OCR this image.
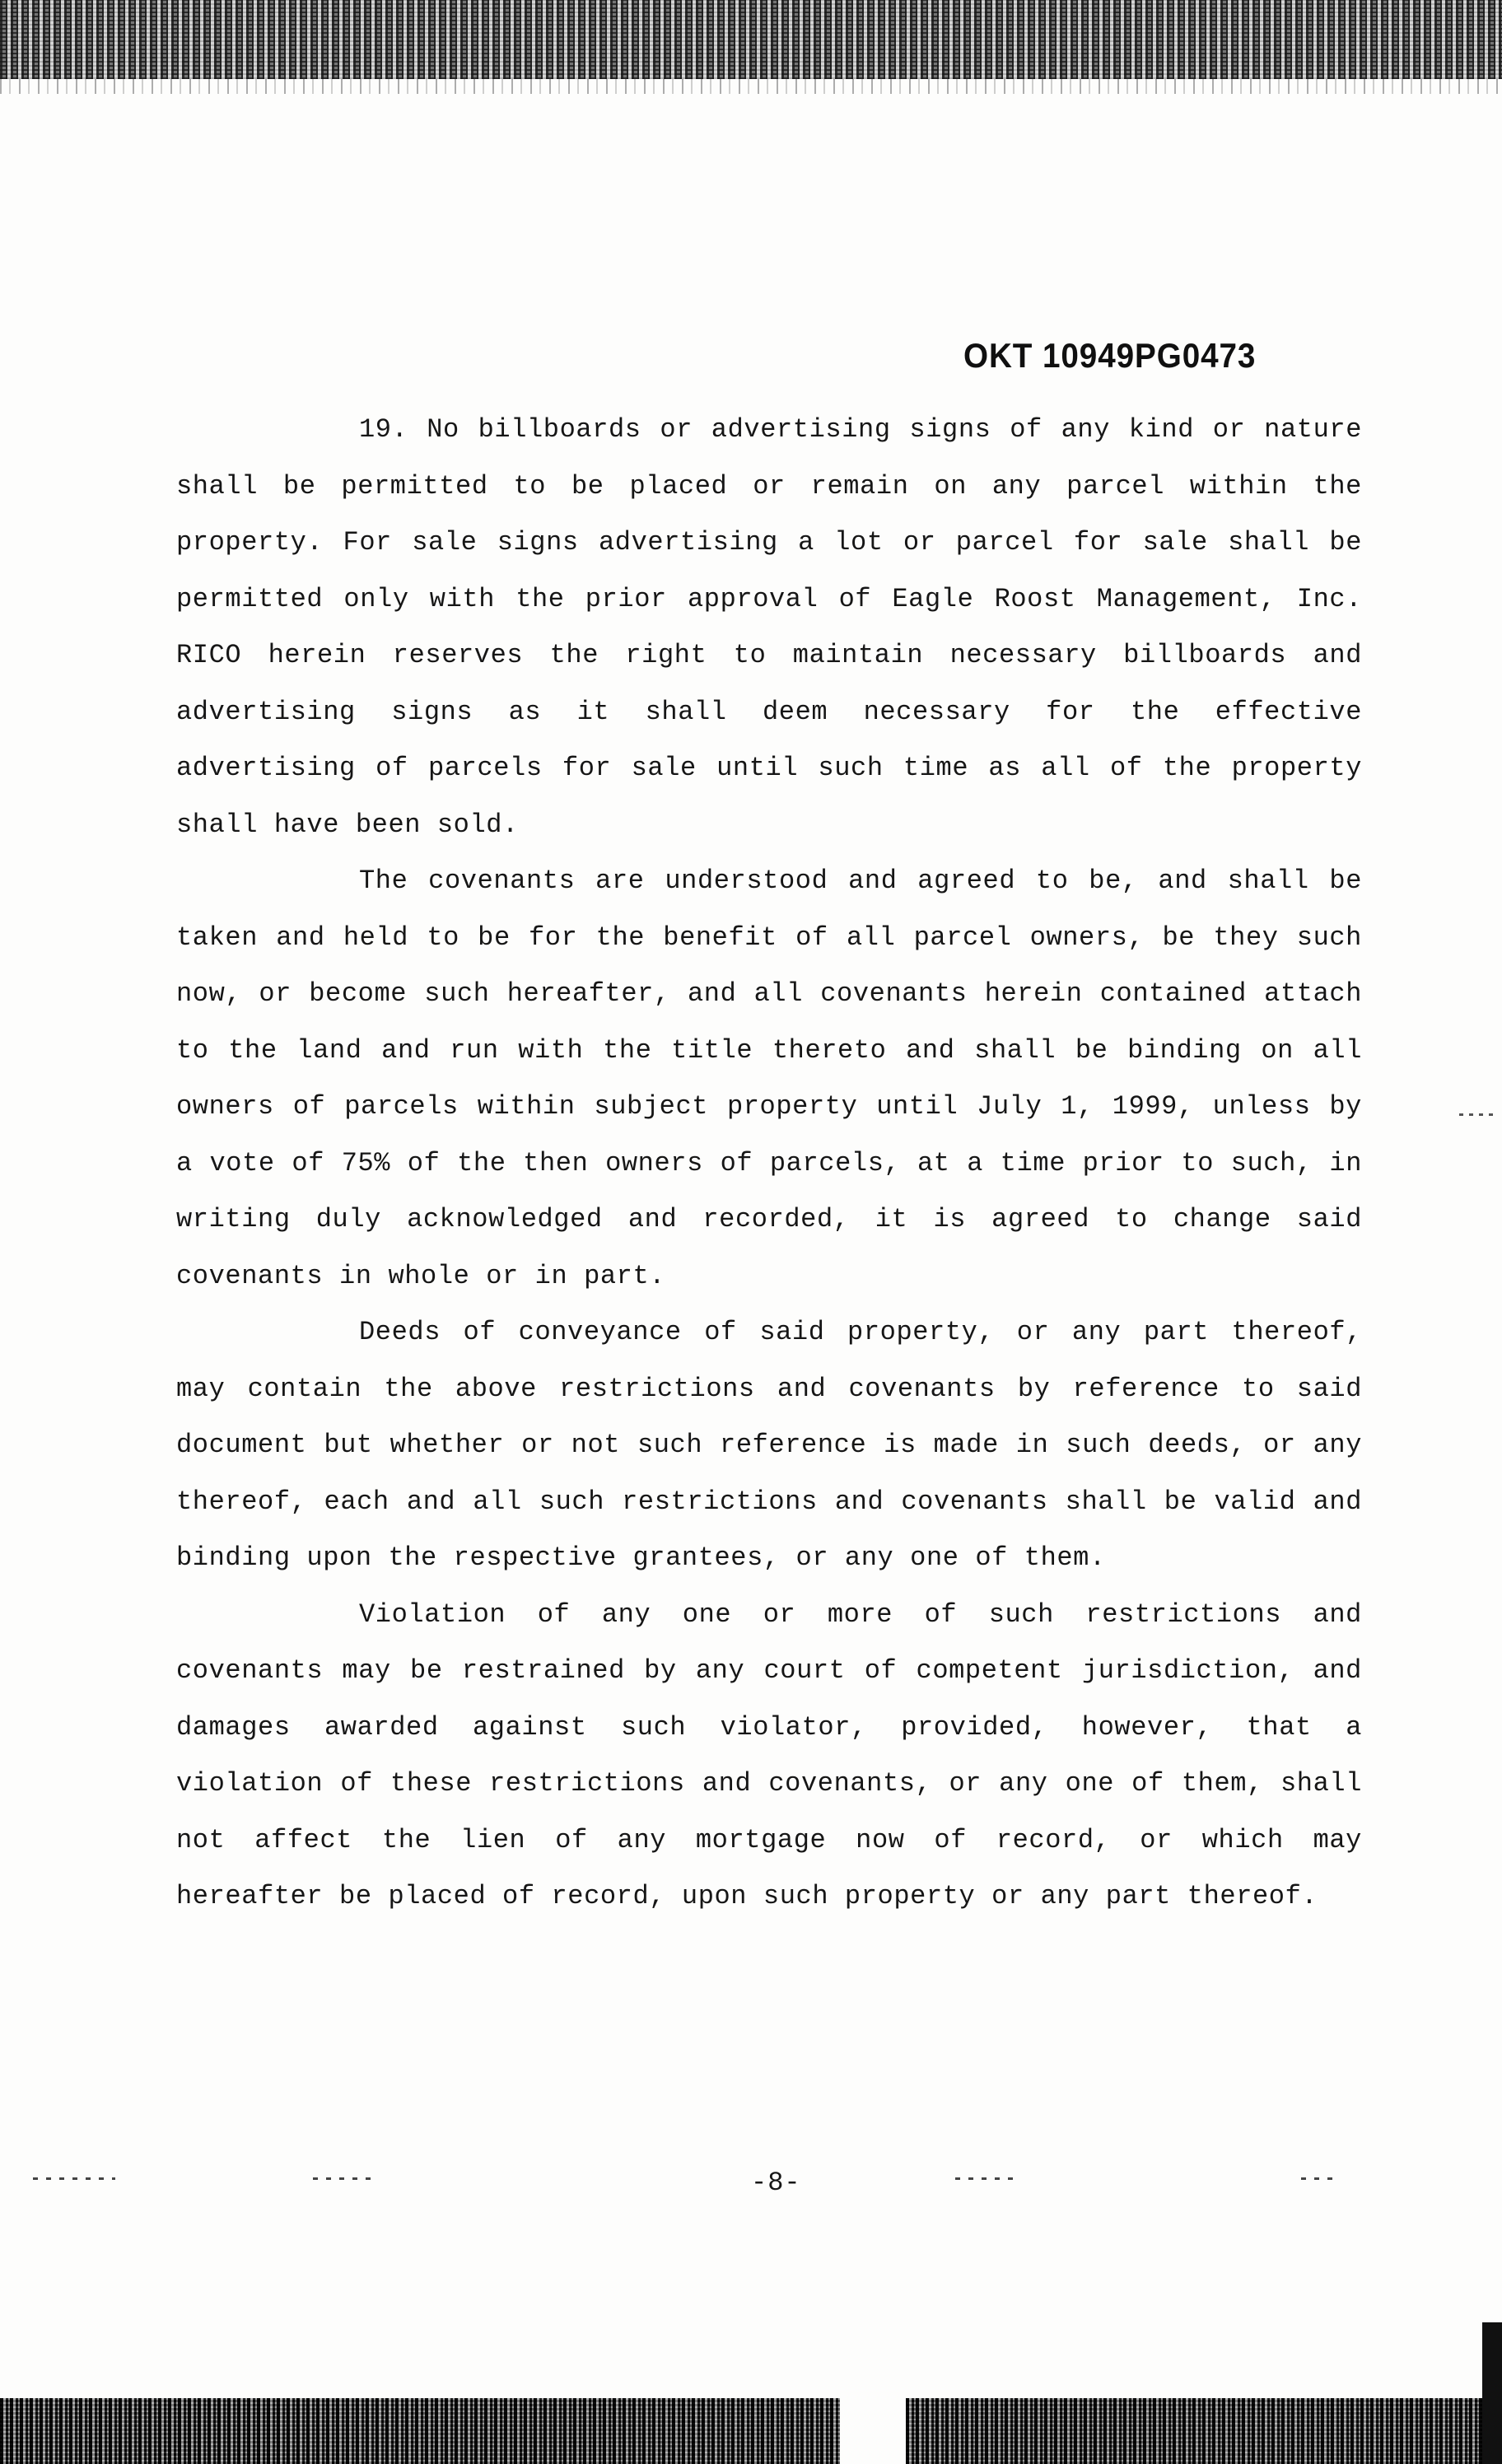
OKT 10949PG0473

19. No billboards or advertising signs of any kind or nature shall be permitted to be placed or remain on any parcel within the property. For sale signs advertising a lot or parcel for sale shall be permitted only with the prior approval of Eagle Roost Management, Inc. RICO herein reserves the right to maintain necessary billboards and advertising signs as it shall deem necessary for the effective advertising of parcels for sale until such time as all of the property shall have been sold.

The covenants are understood and agreed to be, and shall be taken and held to be for the benefit of all parcel owners, be they such now, or become such hereafter, and all covenants herein contained attach to the land and run with the title thereto and shall be binding on all owners of parcels within subject property until July 1, 1999, unless by a vote of 75% of the then owners of parcels, at a time prior to such, in writing duly acknowledged and recorded, it is agreed to change said covenants in whole or in part.

Deeds of conveyance of said property, or any part thereof, may contain the above restrictions and covenants by reference to said document but whether or not such reference is made in such deeds, or any thereof, each and all such restrictions and covenants shall be valid and binding upon the respective grantees, or any one of them.

Violation of any one or more of such restrictions and covenants may be restrained by any court of competent jurisdiction, and damages awarded against such violator, provided, however, that a violation of these restrictions and covenants, or any one of them, shall not affect the lien of any mortgage now of record, or which may hereafter be placed of record, upon such property or any part thereof.

-8-
